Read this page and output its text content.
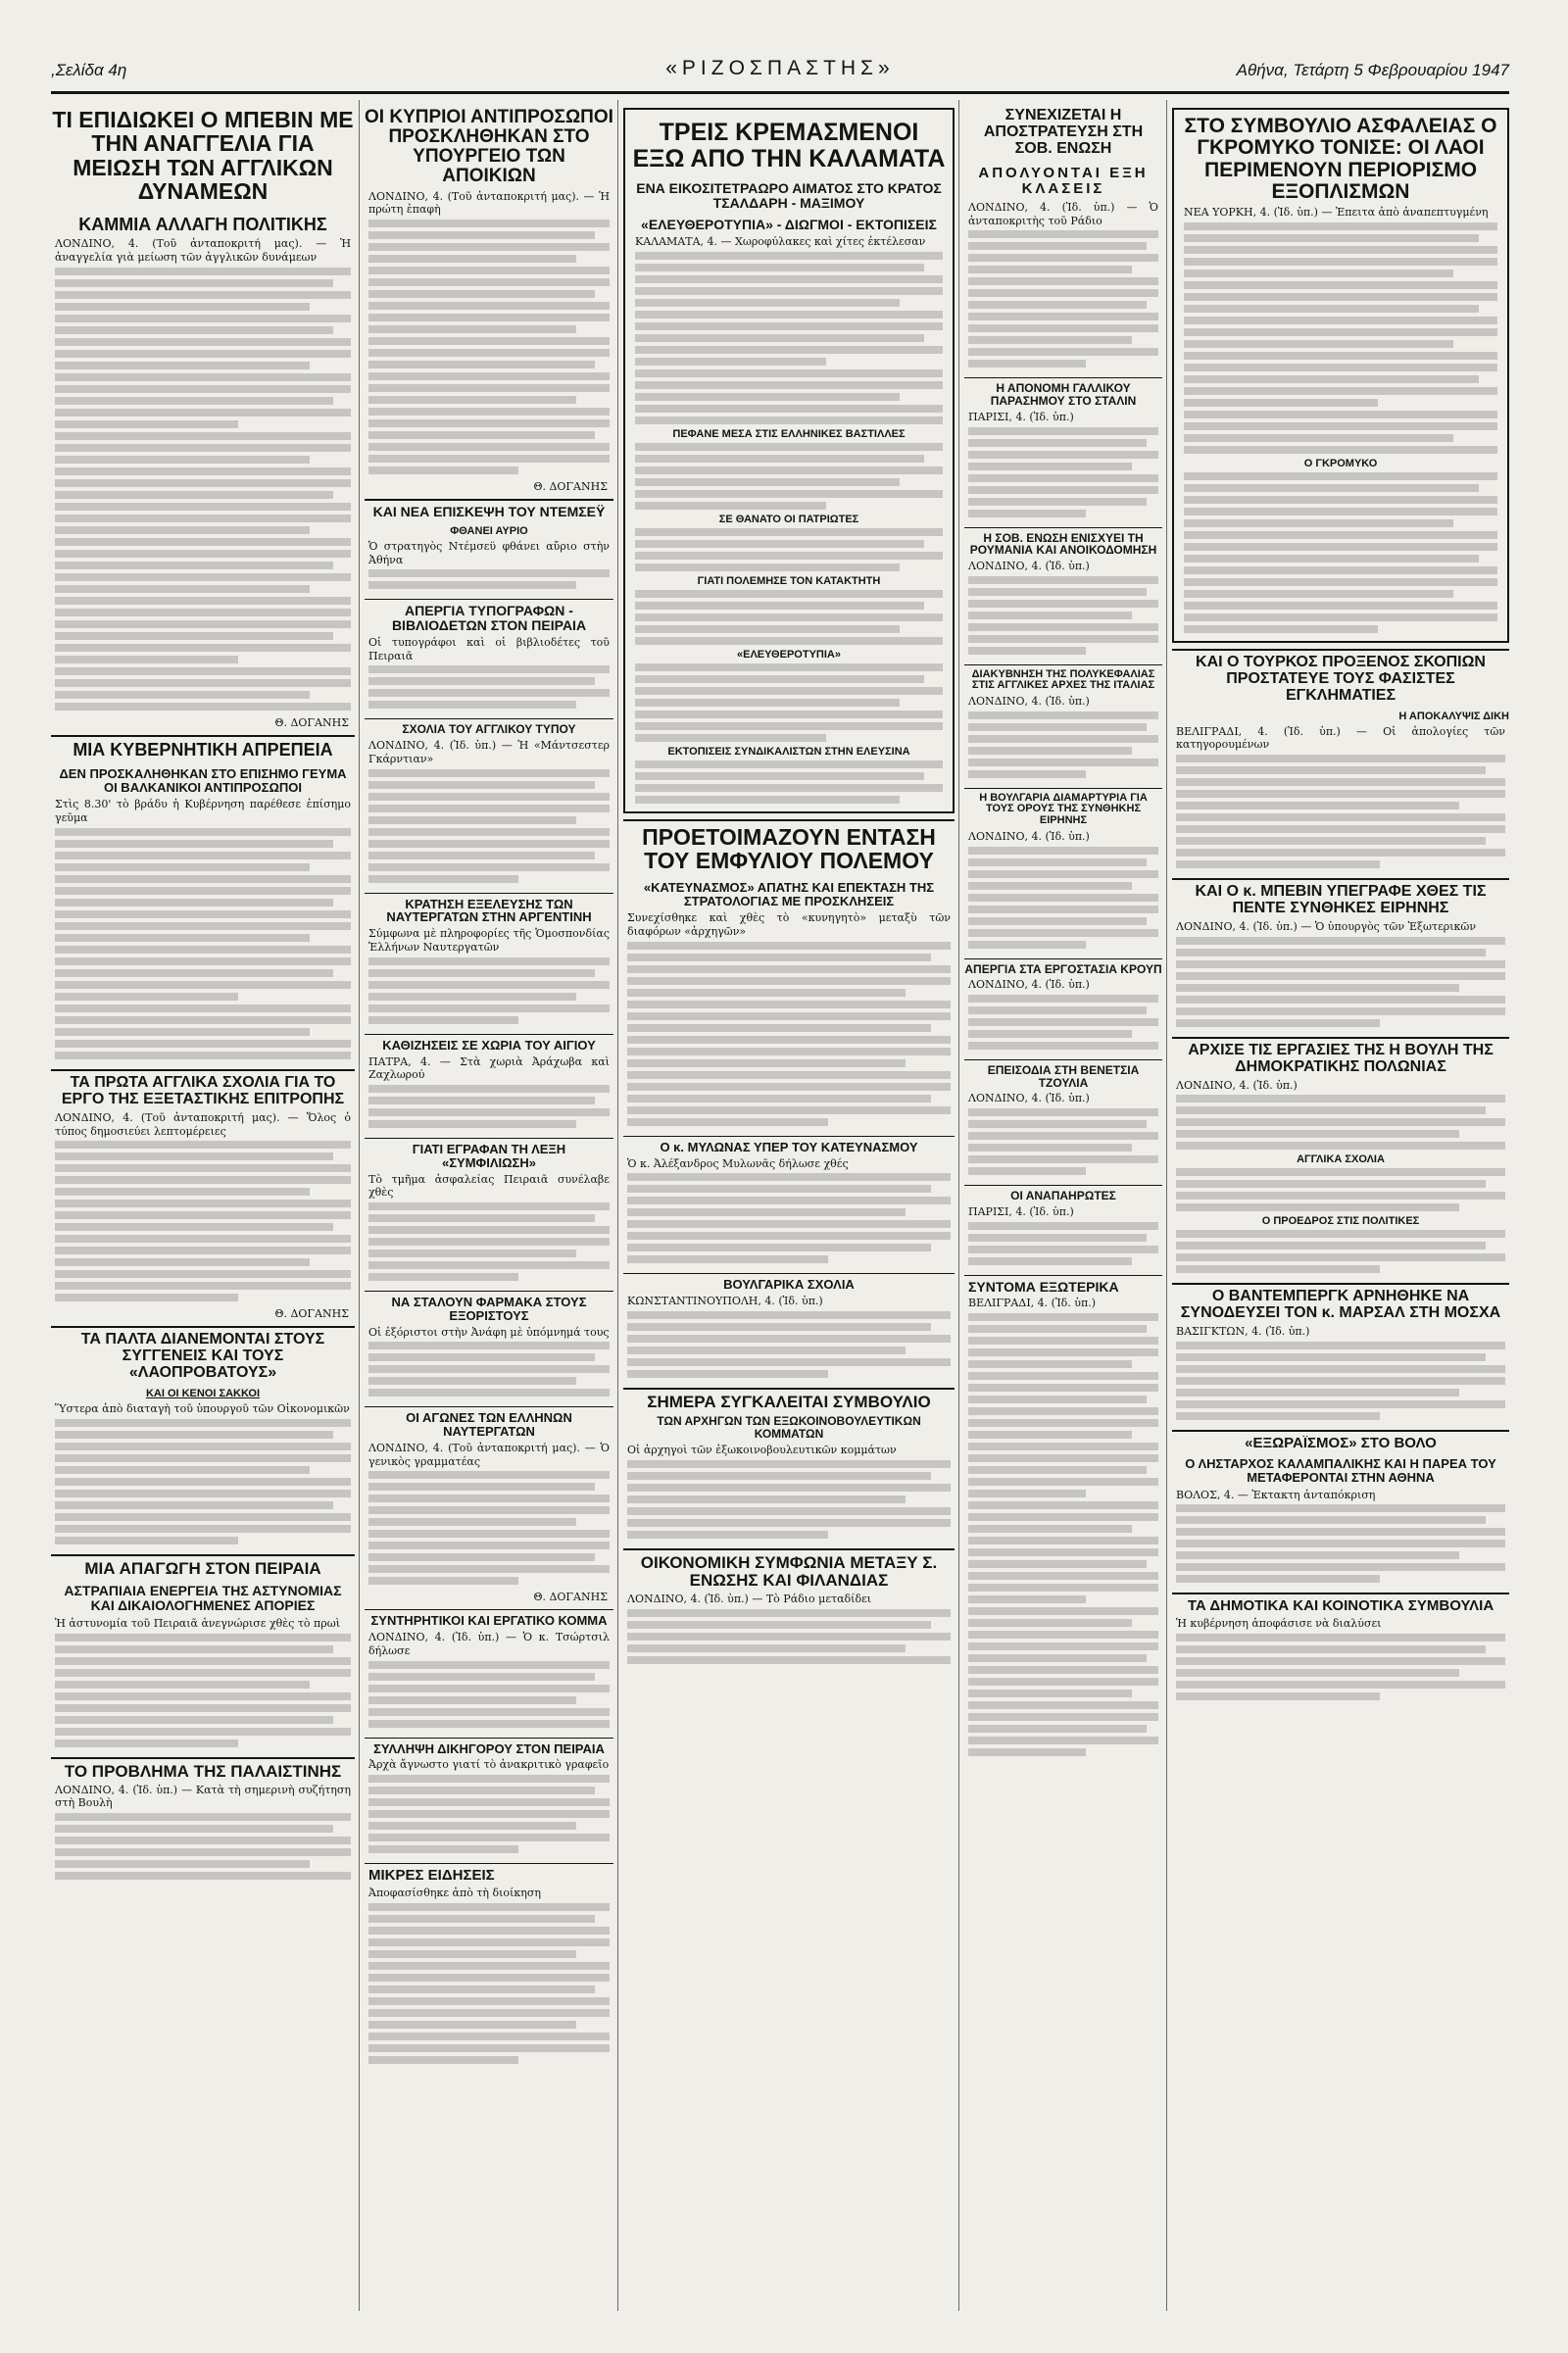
,Σελίδα 4η	«ΡΙΖΟΣΠΑΣΤΗΣ»	Αθήνα, Τετάρτη 5 Φεβρουαρίου 1947
ΤΙ ΕΠΙΔΙΩΚΕΙ Ο ΜΠΕΒΙΝ ΜΕ ΤΗΝ ΑΝΑΓΓΕΛΙΑ ΓΙΑ ΜΕΙΩΣΗ ΤΩΝ ΑΓΓΛΙΚΩΝ ΔΥΝΑΜΕΩΝ
ΚΑΜΜΙΑ ΑΛΛΑΓΗ ΠΟΛΙΤΙΚΗΣ
ΛΟΝΔΙΝΟ, 4. (Τοῦ ἀνταποκριτή μας). — Ἡ ἀναγγελία γιὰ μείωση τῶν ἀγγλικῶν δυνάμεων
Θ. ΔΟΓΑΝΗΣ
ΜΙΑ ΚΥΒΕΡΝΗΤΙΚΗ ΑΠΡΕΠΕΙΑ
ΔΕΝ ΠΡΟΣΚΑΛΗΘΗΚΑΝ ΣΤΟ ΕΠΙΣΗΜΟ ΓΕΥΜΑ ΟΙ ΒΑΛΚΑΝΙΚΟΙ ΑΝΤΙΠΡΟΣΩΠΟΙ
Στὶς 8.30' τὸ βράδυ ἡ Κυβέρνηση παρέθεσε ἐπίσημο γεῦμα
ΤΑ ΠΡΩΤΑ ΑΓΓΛΙΚΑ ΣΧΟΛΙΑ ΓΙΑ ΤΟ ΕΡΓΟ ΤΗΣ ΕΞΕΤΑΣΤΙΚΗΣ ΕΠΙΤΡΟΠΗΣ
ΛΟΝΔΙΝΟ, 4. (Τοῦ ἀνταποκριτή μας). — Ὅλος ὁ τύπος δημοσιεύει λεπτομέρειες
Θ. ΔΟΓΑΝΗΣ
ΤΑ ΠΑΛΤΑ ΔΙΑΝΕΜΟΝΤΑΙ ΣΤΟΥΣ ΣΥΓΓΕΝΕΙΣ ΚΑΙ ΤΟΥΣ «ΛΑΟΠΡΟΒΑΤΟΥΣ»
ΚΑΙ ΟΙ ΚΕΝΟΙ ΣΑΚΚΟΙ
Ὕστερα ἀπὸ διαταγὴ τοῦ ὑπουργοῦ τῶν Οἰκονομικῶν
ΜΙΑ ΑΠΑΓΩΓΗ ΣΤΟΝ ΠΕΙΡΑΙΑ
ΑΣΤΡΑΠΙΑΙΑ ΕΝΕΡΓΕΙΑ ΤΗΣ ΑΣΤΥΝΟΜΙΑΣ ΚΑΙ ΔΙΚΑΙΟΛΟΓΗΜΕΝΕΣ ΑΠΟΡΙΕΣ
Ἡ ἀστυνομία τοῦ Πειραιᾶ ἀνεγνώρισε χθὲς τὸ πρωὶ
ΤΟ ΠΡΟΒΛΗΜΑ ΤΗΣ ΠΑΛΑΙΣΤΙΝΗΣ
ΛΟΝΔΙΝΟ, 4. (Ἰδ. ὑπ.) — Κατὰ τὴ σημερινὴ συζήτηση στὴ Βουλὴ
ΟΙ ΚΥΠΡΙΟΙ ΑΝΤΙΠΡΟΣΩΠΟΙ ΠΡΟΣΚΛΗΘΗΚΑΝ ΣΤΟ ΥΠΟΥΡΓΕΙΟ ΤΩΝ ΑΠΟΙΚΙΩΝ
ΛΟΝΔΙΝΟ, 4. (Τοῦ ἀνταποκριτή μας). — Ἡ πρώτη ἐπαφὴ
Θ. ΔΟΓΑΝΗΣ
ΚΑΙ ΝΕΑ ΕΠΙΣΚΕΨΗ ΤΟΥ ΝΤΕΜΣΕΫ
ΦΘΑΝΕΙ ΑΥΡΙΟ
Ὁ στρατηγὸς Ντέμσεϋ φθάνει αὔριο στὴν Ἀθήνα
ΑΠΕΡΓΙΑ ΤΥΠΟΓΡΑΦΩΝ - ΒΙΒΛΙΟΔΕΤΩΝ ΣΤΟΝ ΠΕΙΡΑΙΑ
Οἱ τυπογράφοι καὶ οἱ βιβλιοδέτες τοῦ Πειραιᾶ
ΣΧΟΛΙΑ ΤΟΥ ΑΓΓΛΙΚΟΥ ΤΥΠΟΥ
ΛΟΝΔΙΝΟ, 4. (Ἰδ. ὑπ.) — Ἡ «Μάντσεστερ Γκάρντιαν»
ΚΡΑΤΗΣΗ ΕΞΕΛΕΥΣΗΣ ΤΩΝ ΝΑΥΤΕΡΓΑΤΩΝ ΣΤΗΝ ΑΡΓΕΝΤΙΝΗ
Σύμφωνα μὲ πληροφορίες τῆς Ὁμοσπονδίας Ἑλλήνων Ναυτεργατῶν
ΚΑΘΙΖΗΣΕΙΣ ΣΕ ΧΩΡΙΑ ΤΟΥ ΑΙΓΙΟΥ
ΠΑΤΡΑ, 4. — Στὰ χωριὰ Ἀράχωβα καὶ Ζαχλωρού
ΓΙΑΤΙ ΕΓΡΑΦΑΝ ΤΗ ΛΕΞΗ «ΣΥΜΦΙΛΙΩΣΗ»
Τὸ τμῆμα ἀσφαλείας Πειραιᾶ συνέλαβε χθὲς
ΝΑ ΣΤΑΛΟΥΝ ΦΑΡΜΑΚΑ ΣΤΟΥΣ ΕΞΟΡΙΣΤΟΥΣ
Οἱ ἐξόριστοι στὴν Ἀνάφη μὲ ὑπόμνημά τους
ΟΙ ΑΓΩΝΕΣ ΤΩΝ ΕΛΛΗΝΩΝ ΝΑΥΤΕΡΓΑΤΩΝ
ΛΟΝΔΙΝΟ, 4. (Τοῦ ἀνταποκριτή μας). — Ὁ γενικὸς γραμματέας
Θ. ΔΟΓΑΝΗΣ
ΣΥΝΤΗΡΗΤΙΚΟΙ ΚΑΙ ΕΡΓΑΤΙΚΟ ΚΟΜΜΑ
ΛΟΝΔΙΝΟ, 4. (Ἰδ. ὑπ.) — Ὁ κ. Τσώρτσιλ δήλωσε
ΣΥΛΛΗΨΗ ΔΙΚΗΓΟΡΟΥ ΣΤΟΝ ΠΕΙΡΑΙΑ
Ἀρχὰ ἄγνωστο γιατί τὸ ἀνακριτικὸ γραφεῖο
ΜΙΚΡΕΣ ΕΙΔΗΣΕΙΣ
Ἀποφασίσθηκε ἀπὸ τὴ διοίκηση
ΤΡΕΙΣ ΚΡΕΜΑΣΜΕΝΟΙ ΕΞΩ ΑΠΟ ΤΗΝ ΚΑΛΑΜΑΤΑ
ΕΝΑ ΕΙΚΟΣΙΤΕΤΡΑΩΡΟ ΑΙΜΑΤΟΣ ΣΤΟ ΚΡΑΤΟΣ ΤΣΑΛΔΑΡΗ - ΜΑΞΙΜΟΥ
«ΕΛΕΥΘΕΡΟΤΥΠΙΑ» - ΔΙΩΓΜΟΙ - ΕΚΤΟΠΙΣΕΙΣ
ΚΑΛΑΜΑΤΑ, 4. — Χωροφύλακες καὶ χίτες ἐκτέλεσαν
ΠΕΦΑΝΕ ΜΕΣΑ ΣΤΙΣ ΕΛΛΗΝΙΚΕΣ ΒΑΣΤΙΛΛΕΣ
ΣΕ ΘΑΝΑΤΟ ΟΙ ΠΑΤΡΙΩΤΕΣ
ΓΙΑΤΙ ΠΟΛΕΜΗΣΕ ΤΟΝ ΚΑΤΑΚΤΗΤΗ
«ΕΛΕΥΘΕΡΟΤΥΠΙΑ»
ΕΚΤΟΠΙΣΕΙΣ ΣΥΝΔΙΚΑΛΙΣΤΩΝ ΣΤΗΝ ΕΛΕΥΣΙΝΑ
ΠΡΟΕΤΟΙΜΑΖΟΥΝ ΕΝΤΑΣΗ ΤΟΥ ΕΜΦΥΛΙΟΥ ΠΟΛΕΜΟΥ
«ΚΑΤΕΥΝΑΣΜΟΣ» ΑΠΑΤΗΣ ΚΑΙ ΕΠΕΚΤΑΣΗ ΤΗΣ ΣΤΡΑΤΟΛΟΓΙΑΣ ΜΕ ΠΡΟΣΚΛΗΣΕΙΣ
Συνεχίσθηκε καὶ χθὲς τὸ «κυνηγητὸ» μεταξὺ τῶν διαφόρων «ἀρχηγῶν»
Ο κ. ΜΥΛΩΝΑΣ ΥΠΕΡ ΤΟΥ ΚΑΤΕΥΝΑΣΜΟΥ
Ὁ κ. Ἀλέξανδρος Μυλωνᾶς δήλωσε χθές
ΒΟΥΛΓΑΡΙΚΑ ΣΧΟΛΙΑ
ΚΩΝΣΤΑΝΤΙΝΟΥΠΟΛΗ, 4. (Ἰδ. ὑπ.)
ΣΗΜΕΡΑ ΣΥΓΚΑΛΕΙΤΑΙ ΣΥΜΒΟΥΛΙΟ
ΤΩΝ ΑΡΧΗΓΩΝ ΤΩΝ ΕΞΩΚΟΙΝΟΒΟΥΛΕΥΤΙΚΩΝ ΚΟΜΜΑΤΩΝ
Οἱ ἀρχηγοὶ τῶν ἐξωκοινοβουλευτικῶν κομμάτων
ΟΙΚΟΝΟΜΙΚΗ ΣΥΜΦΩΝΙΑ ΜΕΤΑΞΥ Σ. ΕΝΩΣΗΣ ΚΑΙ ΦΙΛΑΝΔΙΑΣ
ΛΟΝΔΙΝΟ, 4. (Ἰδ. ὑπ.) — Τὸ Ράδιο μεταδίδει
ΣΥΝΕΧΙΖΕΤΑΙ Η ΑΠΟΣΤΡΑΤΕΥΣΗ ΣΤΗ ΣΟΒ. ΕΝΩΣΗ
ΑΠΟΛΥΟΝΤΑΙ ΕΞΗ ΚΛΑΣΕΙΣ
ΛΟΝΔΙΝΟ, 4. (Ἰδ. ὑπ.) — Ὁ ἀνταποκριτὴς τοῦ Ράδιο
Η ΑΠΟΝΟΜΗ ΓΑΛΛΙΚΟΥ ΠΑΡΑΣΗΜΟΥ ΣΤΟ ΣΤΑΛΙΝ
ΠΑΡΙΣΙ, 4. (Ἰδ. ὑπ.)
Η ΣΟΒ. ΕΝΩΣΗ ΕΝΙΣΧΥΕΙ ΤΗ ΡΟΥΜΑΝΙΑ ΚΑΙ ΑΝΟΙΚΟΔΟΜΗΣΗ
ΛΟΝΔΙΝΟ, 4. (Ἰδ. ὑπ.)
ΔΙΑΚΥΒΝΗΣΗ ΤΗΣ ΠΟΛΥΚΕΦΑΛΙΑΣ ΣΤΙΣ ΑΓΓΛΙΚΕΣ ΑΡΧΕΣ ΤΗΣ ΙΤΑΛΙΑΣ
ΛΟΝΔΙΝΟ, 4. (Ἰδ. ὑπ.)
Η ΒΟΥΛΓΑΡΙΑ ΔΙΑΜΑΡΤΥΡΙΑ ΓΙΑ ΤΟΥΣ ΟΡΟΥΣ ΤΗΣ ΣΥΝΘΗΚΗΣ ΕΙΡΗΝΗΣ
ΛΟΝΔΙΝΟ, 4. (Ἰδ. ὑπ.)
ΑΠΕΡΓΙΑ ΣΤΑ ΕΡΓΟΣΤΑΣΙΑ ΚΡΟΥΠ
ΛΟΝΔΙΝΟ, 4. (Ἰδ. ὑπ.)
ΕΠΕΙΣΟΔΙΑ ΣΤΗ ΒΕΝΕΤΣΙΑ ΤΖΟΥΛΙΑ
ΛΟΝΔΙΝΟ, 4. (Ἰδ. ὑπ.)
ΟΙ ΑΝΑΠΑΗΡΩΤΕΣ
ΠΑΡΙΣΙ, 4. (Ἰδ. ὑπ.)
ΣΥΝΤΟΜΑ ΕΞΩΤΕΡΙΚΑ
ΒΕΛΙΓΡΑΔΙ, 4. (Ἰδ. ὑπ.)
ΣΤΟ ΣΥΜΒΟΥΛΙΟ ΑΣΦΑΛΕΙΑΣ Ο ΓΚΡΟΜΥΚΟ ΤΟΝΙΣΕ: ΟΙ ΛΑΟΙ ΠΕΡΙΜΕΝΟΥΝ ΠΕΡΙΟΡΙΣΜΟ ΕΞΟΠΛΙΣΜΩΝ
ΝΕΑ ΥΟΡΚΗ, 4. (Ἰδ. ὑπ.) — Ἐπειτα ἀπὸ ἀναπεπτυγμένη
Ο ΓΚΡΟΜΥΚΟ
ΚΑΙ Ο ΤΟΥΡΚΟΣ ΠΡΟΞΕΝΟΣ ΣΚΟΠΙΩΝ ΠΡΟΣΤΑΤΕΥΕ ΤΟΥΣ ΦΑΣΙΣΤΕΣ ΕΓΚΛΗΜΑΤΙΕΣ
Η ΑΠΟΚΑΛΥΨΙΣ ΔΙΚΗ
ΒΕΛΙΓΡΑΔΙ, 4. (Ἰδ. ὑπ.) — Οἱ ἀπολογίες τῶν κατηγορουμένων
ΚΑΙ Ο κ. ΜΠΕΒΙΝ ΥΠΕΓΡΑΦΕ ΧΘΕΣ ΤΙΣ ΠΕΝΤΕ ΣΥΝΘΗΚΕΣ ΕΙΡΗΝΗΣ
ΛΟΝΔΙΝΟ, 4. (Ἰδ. ὑπ.) — Ὁ ὑπουργὸς τῶν Ἐξωτερικῶν
ΑΡΧΙΣΕ ΤΙΣ ΕΡΓΑΣΙΕΣ ΤΗΣ Η ΒΟΥΛΗ ΤΗΣ ΔΗΜΟΚΡΑΤΙΚΗΣ ΠΟΛΩΝΙΑΣ
ΛΟΝΔΙΝΟ, 4. (Ἰδ. ὑπ.)
ΑΓΓΛΙΚΑ ΣΧΟΛΙΑ
Ο ΠΡΟΕΔΡΟΣ ΣΤΙΣ ΠΟΛΙΤΙΚΕΣ
Ο ΒΑΝΤΕΜΠΕΡΓΚ ΑΡΝΗΘΗΚΕ ΝΑ ΣΥΝΟΔΕΥΣΕΙ ΤΟΝ κ. ΜΑΡΣΑΛ ΣΤΗ ΜΟΣΧΑ
ΒΑΣΙΓΚΤΩΝ, 4. (Ἰδ. ὑπ.)
«ΕΞΩΡΑΪΣΜΟΣ» ΣΤΟ ΒΟΛΟ
Ο ΛΗΣΤΑΡΧΟΣ ΚΑΛΑΜΠΑΛΙΚΗΣ ΚΑΙ Η ΠΑΡΕΑ ΤΟΥ ΜΕΤΑΦΕΡΟΝΤΑΙ ΣΤΗΝ ΑΘΗΝΑ
ΒΟΛΟΣ, 4. — Ἐκτακτη ἀνταπόκριση
ΤΑ ΔΗΜΟΤΙΚΑ ΚΑΙ ΚΟΙΝΟΤΙΚΑ ΣΥΜΒΟΥΛΙΑ
Ἡ κυβέρνηση ἀποφάσισε νὰ διαλύσει
